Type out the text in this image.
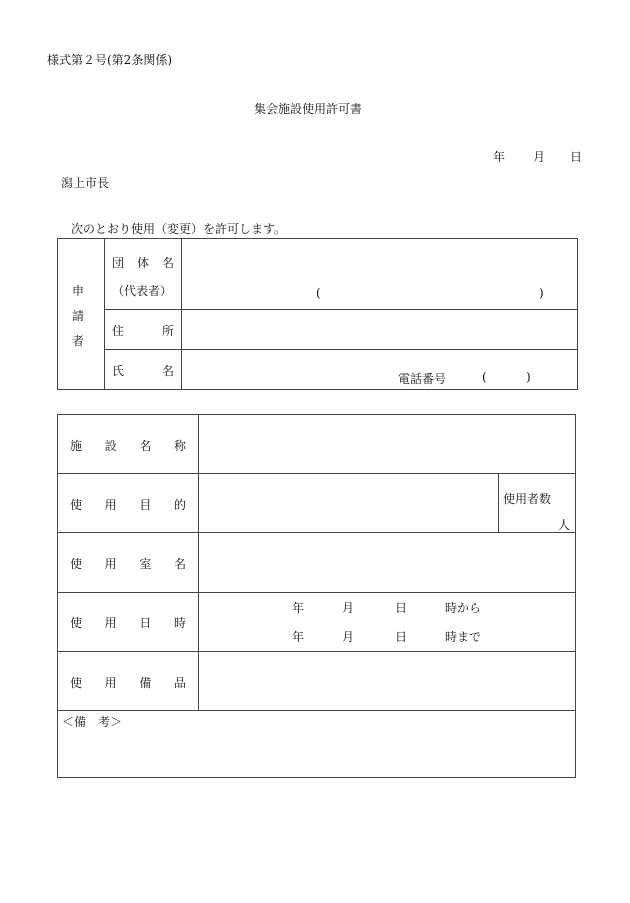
様式第２号(第2条関係)
集会施設使用許可書
年 月 日
潟上市長
次のとおり使用（変更）を許可します。
申
請
者
団 体 名
（代表者）	(	)
住	所
氏	名
電話番号	(	)
施 設 名 称
使 用 目 的	使用者数
人
使 用 室 名
使 用 日 時
年	月	日	時から
年	月	日	時まで
使 用 備 品
＜備　考＞
